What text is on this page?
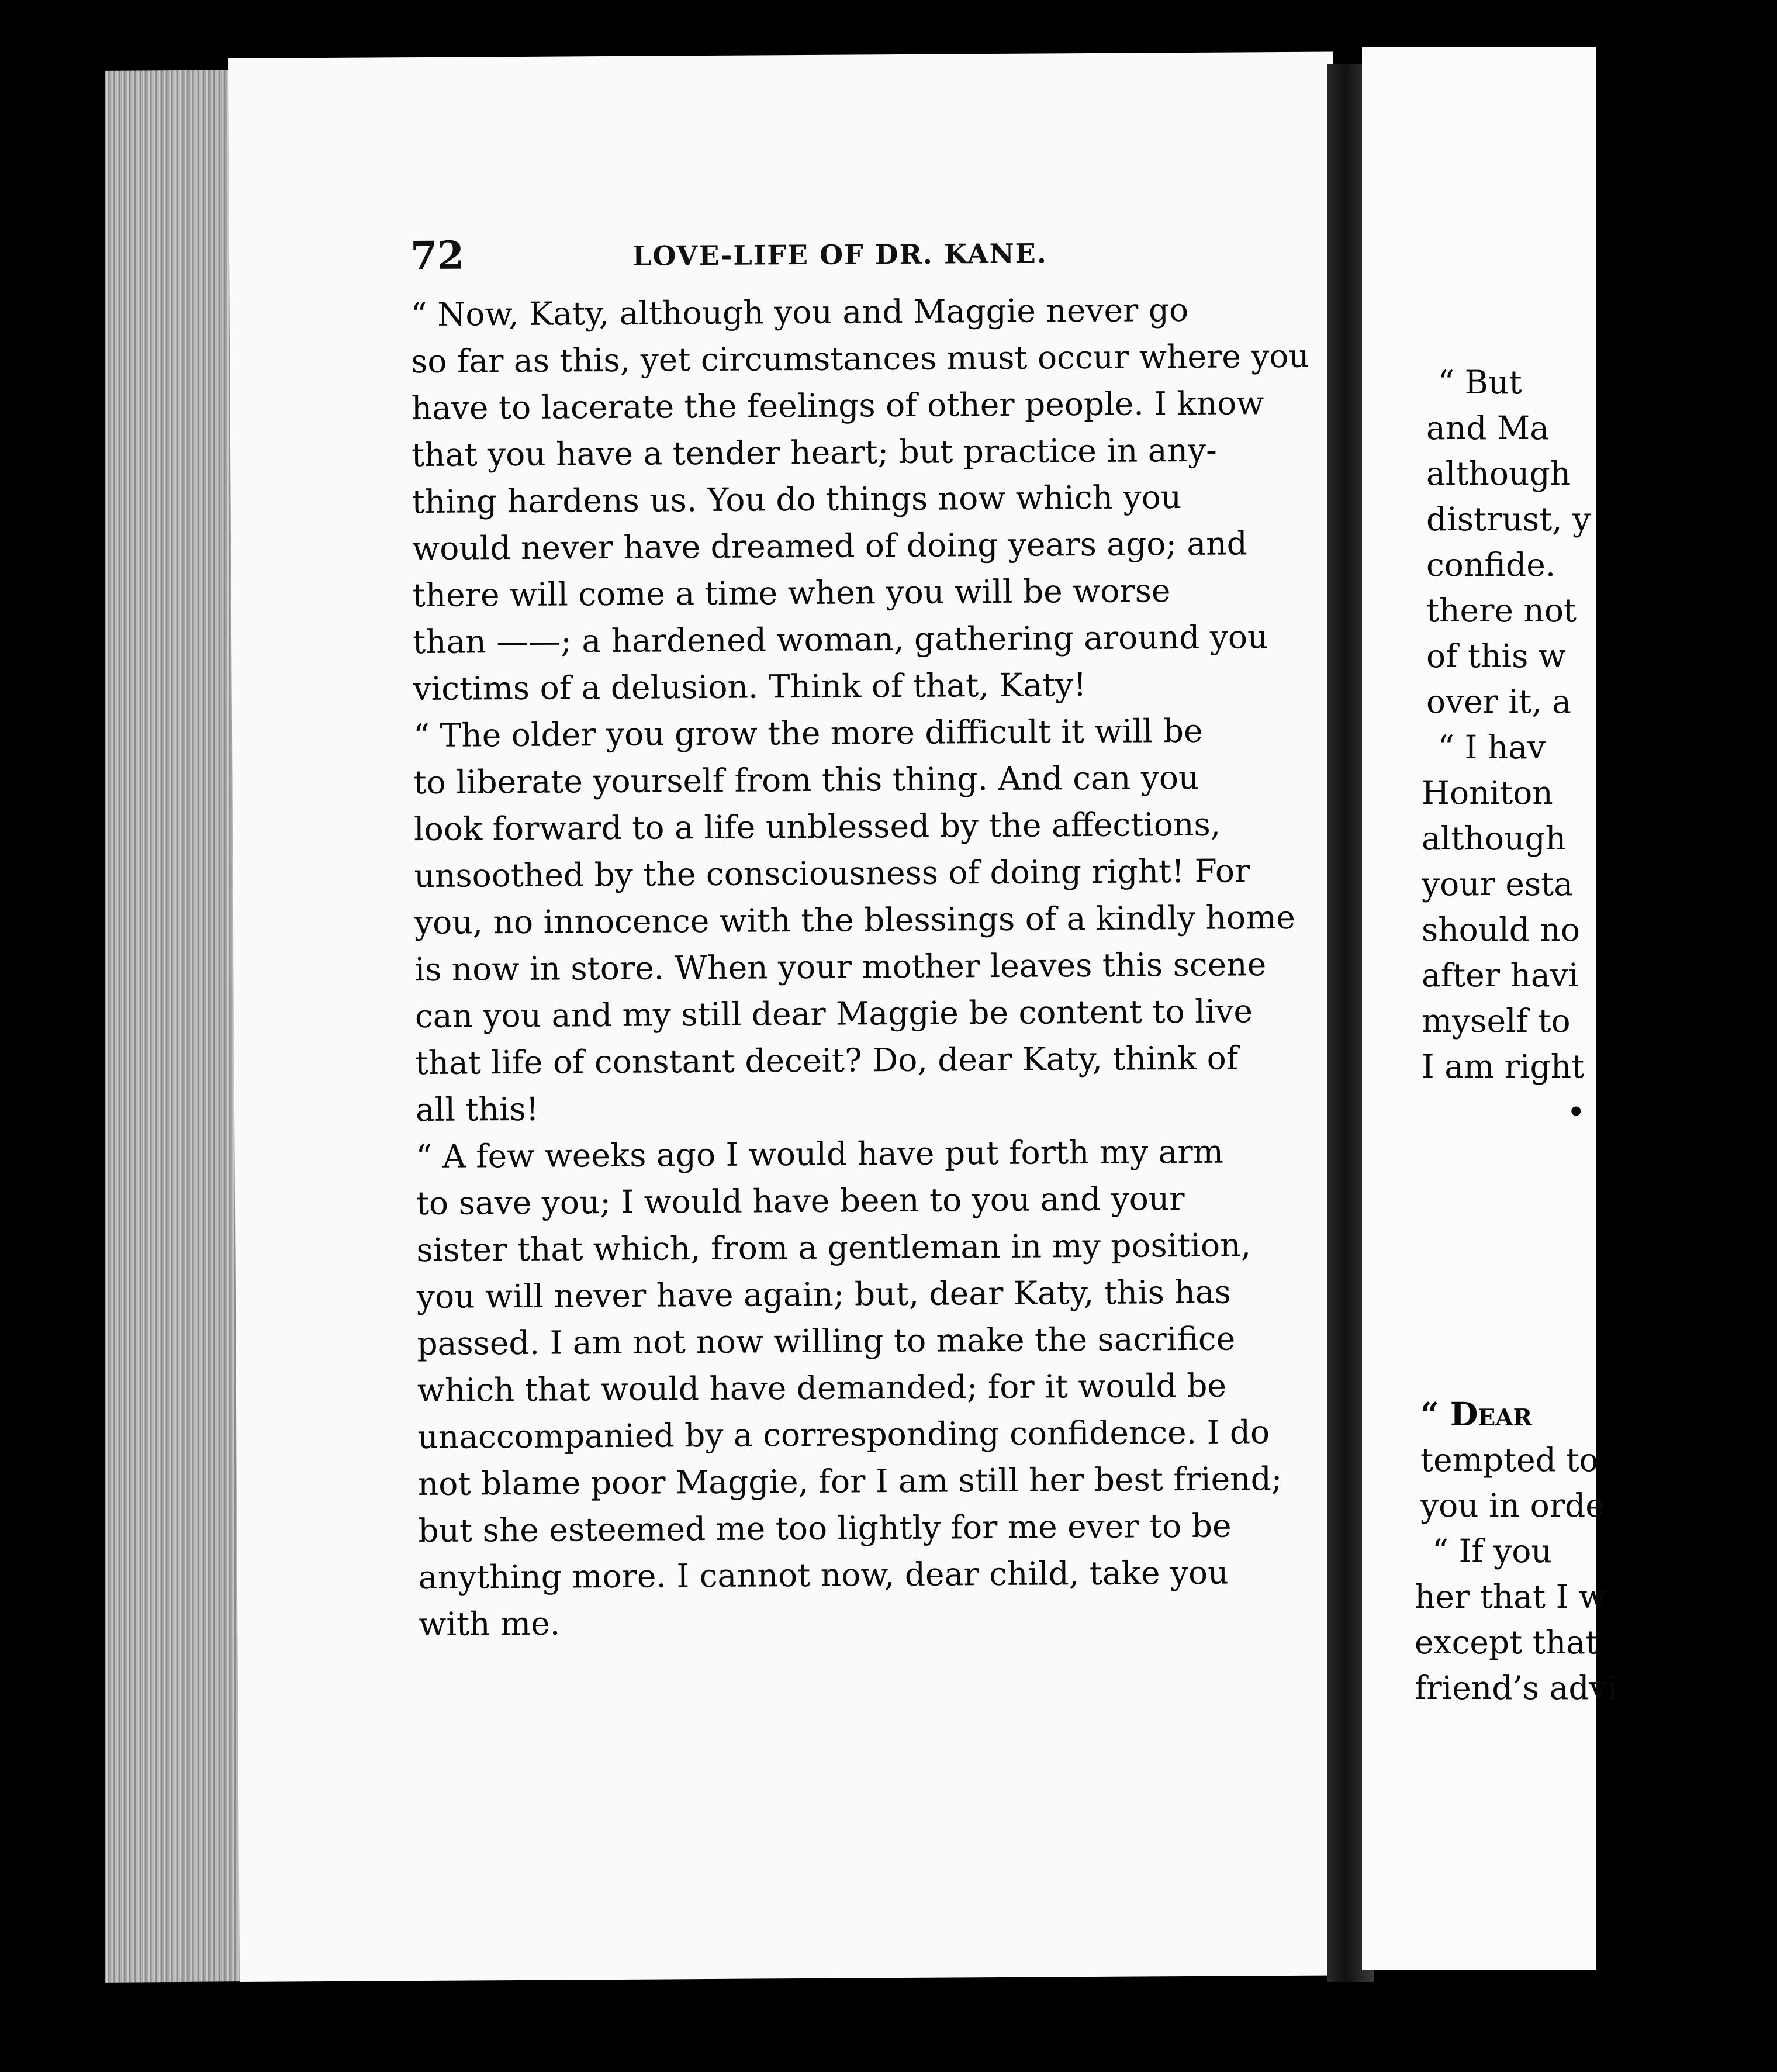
72	LOVE-LIFE OF DR. KANE.
“ Now, Katy, although you and Maggie never go
so far as this, yet circumstances must occur where you
have to lacerate the feelings of other people. I know
that you have a tender heart; but practice in any-
thing hardens us. You do things now which you
would never have dreamed of doing years ago; and
there will come a time when you will be worse
than ——; a hardened woman, gathering around you
victims of a delusion. Think of that, Katy!
“ The older you grow the more difficult it will be
to liberate yourself from this thing. And can you
look forward to a life unblessed by the affections,
unsoothed by the consciousness of doing right! For
you, no innocence with the blessings of a kindly home
is now in store. When your mother leaves this scene
can you and my still dear Maggie be content to live
that life of constant deceit? Do, dear Katy, think of
all this!
“ A few weeks ago I would have put forth my arm
to save you; I would have been to you and your
sister that which, from a gentleman in my position,
you will never have again; but, dear Katy, this has
passed. I am not now willing to make the sacrifice
which that would have demanded; for it would be
unaccompanied by a corresponding confidence. I do
not blame poor Maggie, for I am still her best friend;
but she esteemed me too lightly for me ever to be
anything more. I cannot now, dear child, take you
with me.
“ But
and Ma
although
distrust, y
confide.
there not
of this w
over it, a
“ I hav
Honiton
although
your esta
should no
after havi
myself to
I am right
•
“ Dear
tempted to
you in orde
“ If you
her that I w
except that
friend’s advi
